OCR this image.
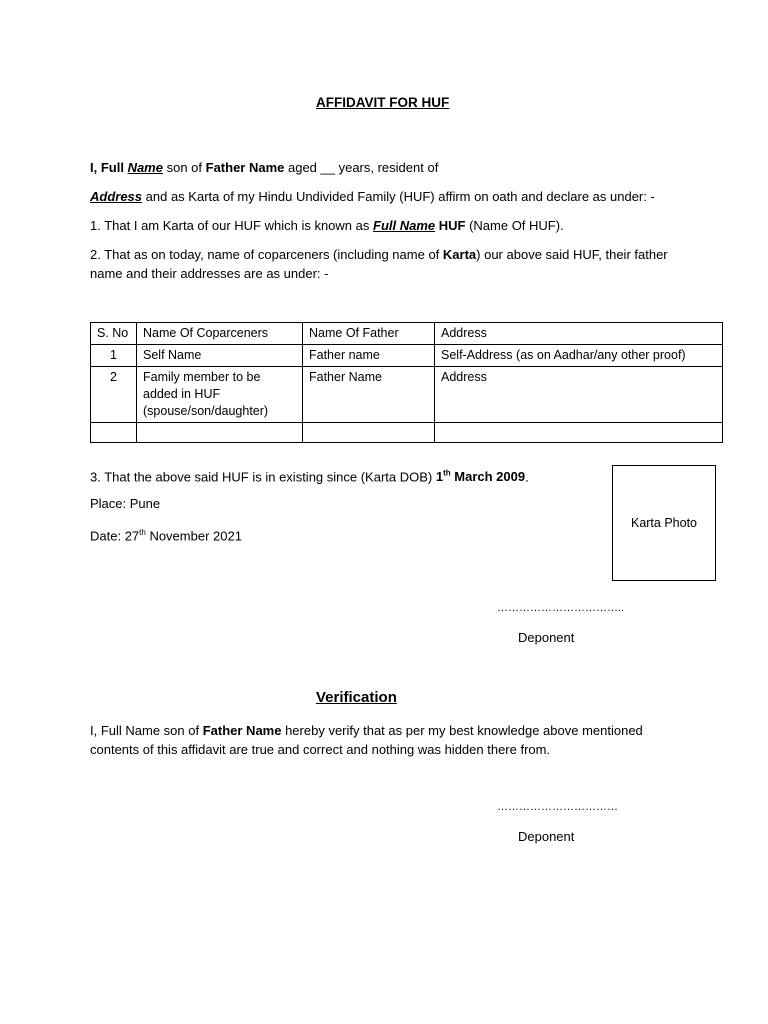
AFFIDAVIT FOR HUF
I, Full Name son of Father Name aged __ years, resident of
Address and as Karta of my Hindu Undivided Family (HUF) affirm on oath and declare as under: -
1. That I am Karta of our HUF which is known as Full Name HUF (Name Of HUF).
2. That as on today, name of coparceners (including name of Karta) our above said HUF, their father
name and their addresses are as under: -
S. No	Name Of Coparceners	Name Of Father	Address
1	Self Name	Father name	Self-Address (as on Aadhar/any other proof)
2	Family member to be added in HUF (spouse/son/daughter)	Father Name	Address

3. That the above said HUF is in existing since (Karta DOB) 1th March 2009.
Place: Pune
Date: 27th November 2021
Karta Photo
……………………………..
Deponent
Verification
I, Full Name son of Father Name hereby verify that as per my best knowledge above mentioned
contents of this affidavit are true and correct and nothing was hidden there from.
……………………………
Deponent
